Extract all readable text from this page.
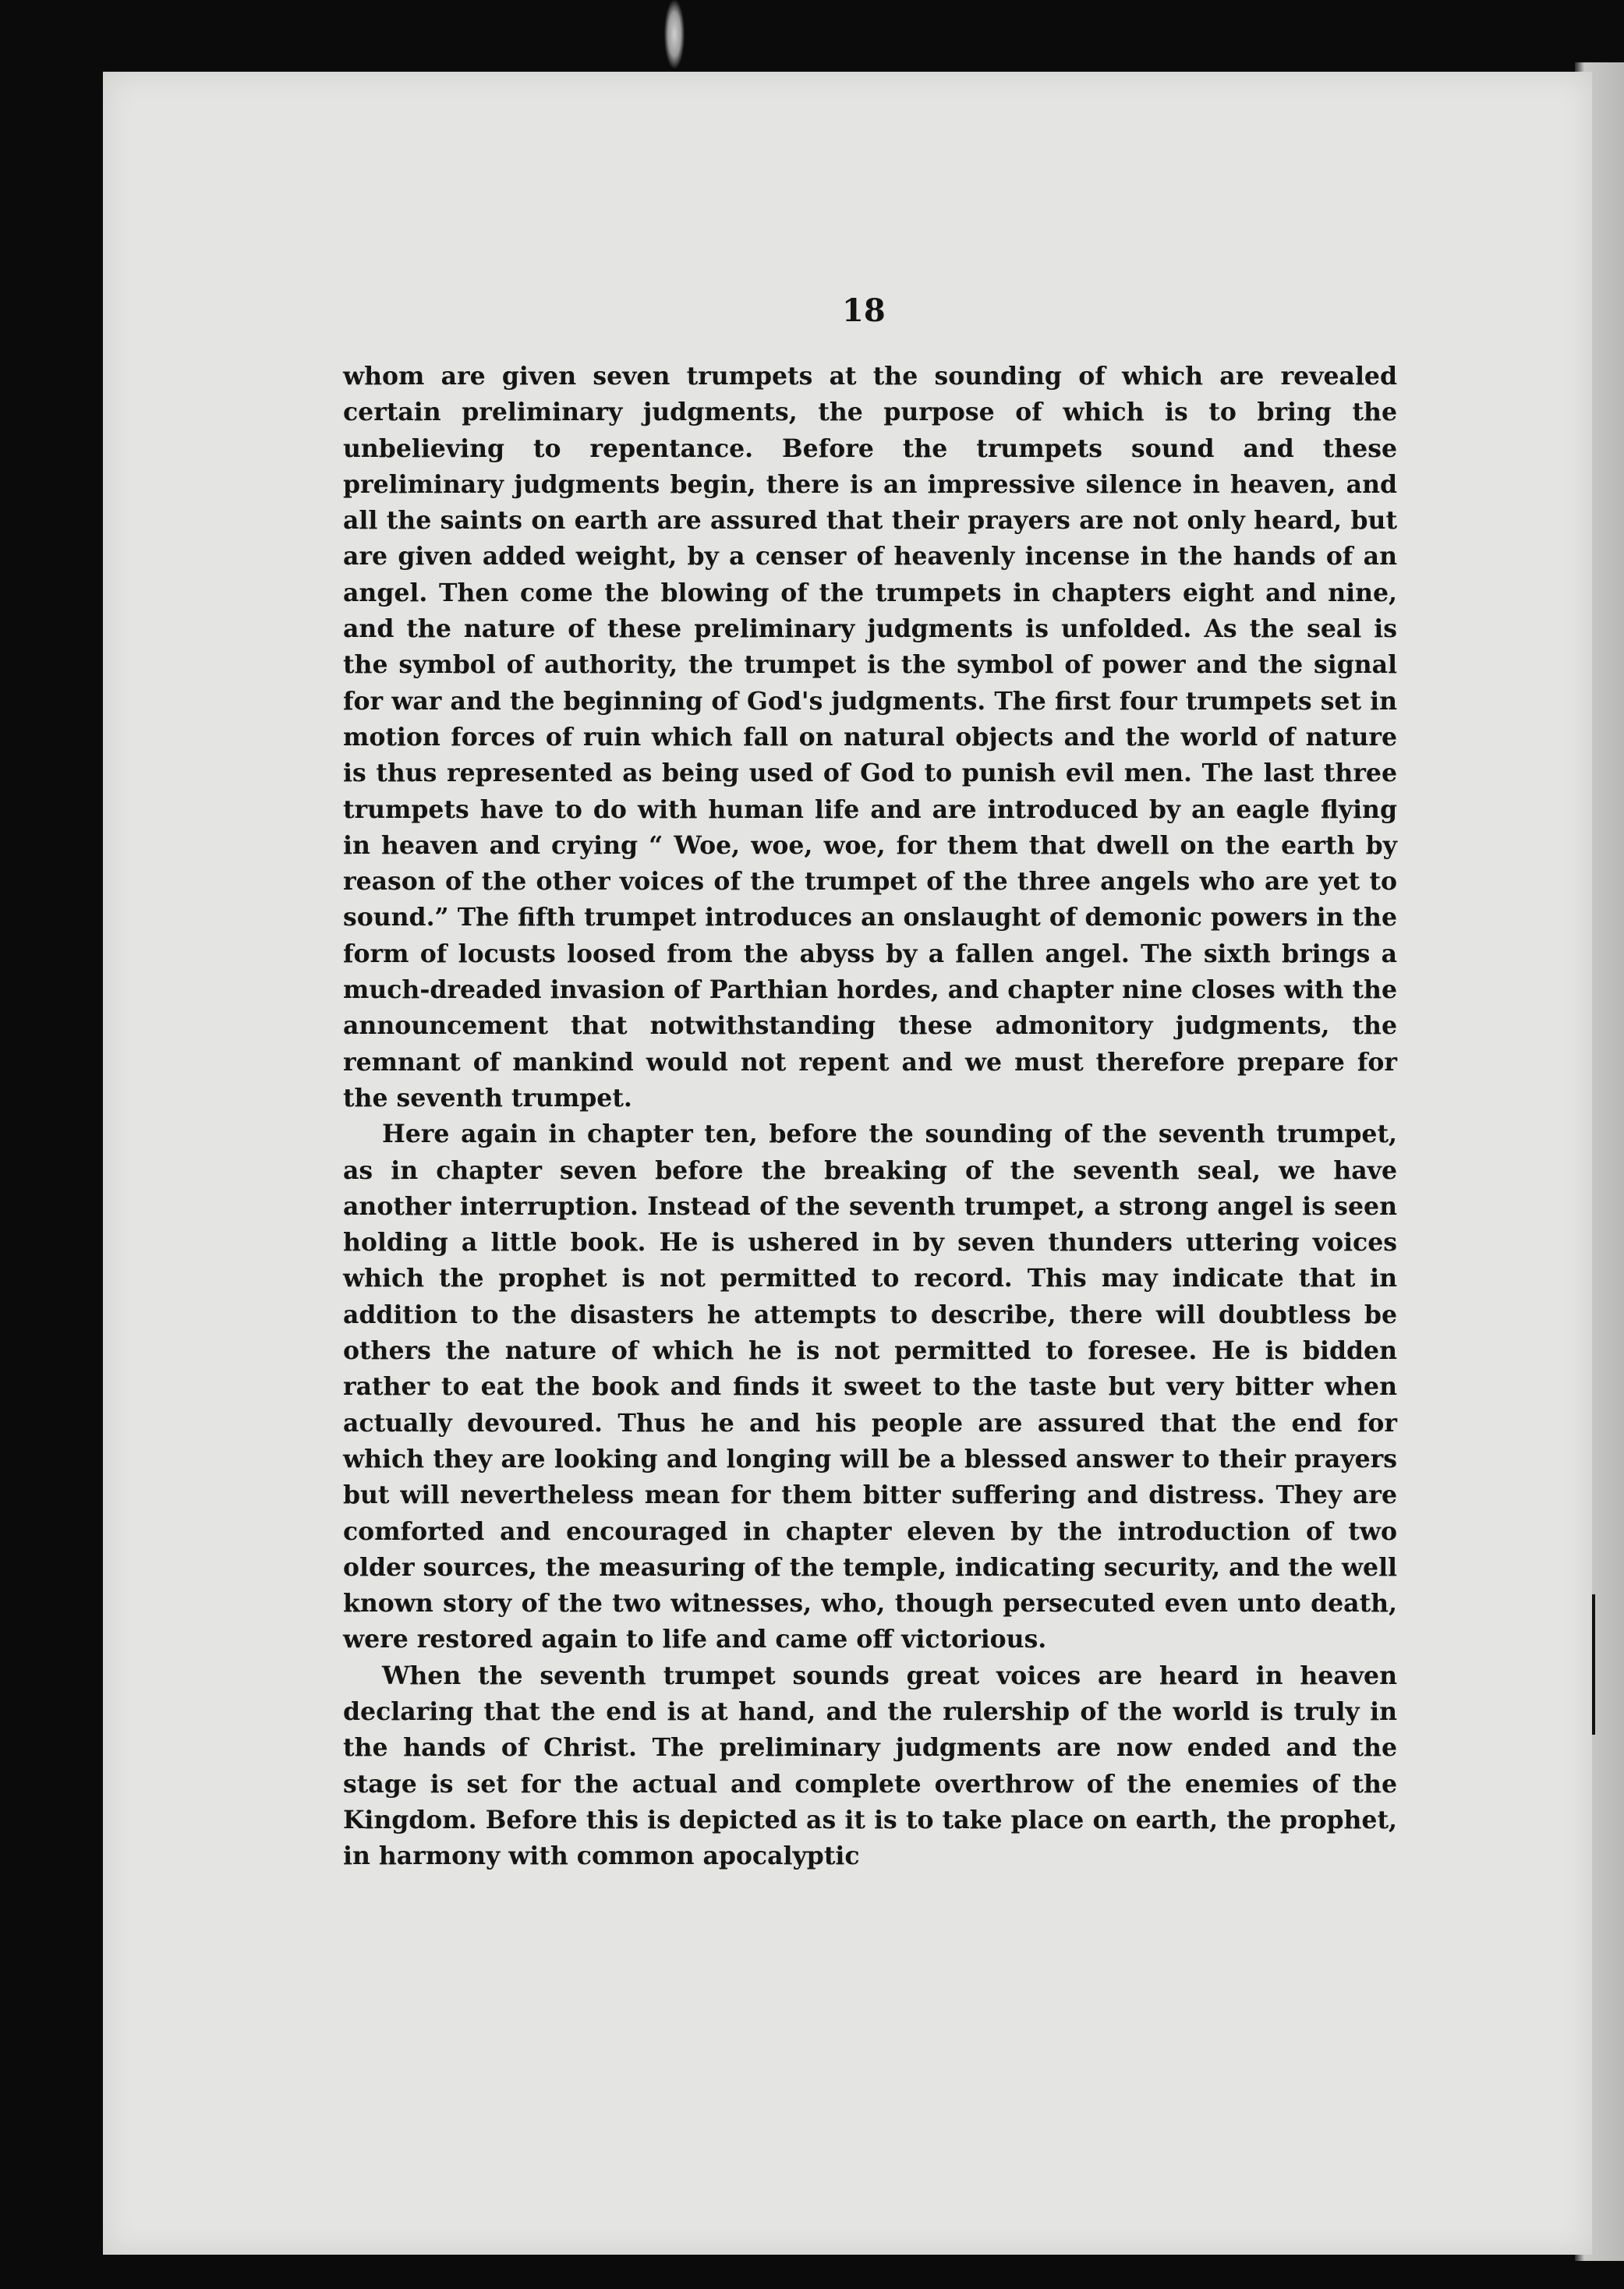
18

whom are given seven trumpets at the sounding of which are revealed certain preliminary judgments, the purpose of which is to bring the unbelieving to repentance. Before the trumpets sound and these preliminary judgments begin, there is an impressive silence in heaven, and all the saints on earth are assured that their prayers are not only heard, but are given added weight, by a censer of heavenly incense in the hands of an angel. Then come the blowing of the trumpets in chapters eight and nine, and the nature of these preliminary judgments is unfolded. As the seal is the symbol of authority, the trumpet is the symbol of power and the signal for war and the beginning of God's judgments. The first four trumpets set in motion forces of ruin which fall on natural objects and the world of nature is thus represented as being used of God to punish evil men. The last three trumpets have to do with human life and are introduced by an eagle flying in heaven and crying “ Woe, woe, woe, for them that dwell on the earth by reason of the other voices of the trumpet of the three angels who are yet to sound.” The fifth trumpet introduces an onslaught of demonic powers in the form of locusts loosed from the abyss by a fallen angel. The sixth brings a much-dreaded invasion of Parthian hordes, and chapter nine closes with the announcement that notwithstanding these admonitory judgments, the remnant of mankind would not repent and we must therefore prepare for the seventh trumpet.

Here again in chapter ten, before the sounding of the seventh trumpet, as in chapter seven before the breaking of the seventh seal, we have another interruption. Instead of the seventh trumpet, a strong angel is seen holding a little book. He is ushered in by seven thunders uttering voices which the prophet is not permitted to record. This may indicate that in addition to the disasters he attempts to describe, there will doubtless be others the nature of which he is not permitted to foresee. He is bidden rather to eat the book and finds it sweet to the taste but very bitter when actually devoured. Thus he and his people are assured that the end for which they are looking and longing will be a blessed answer to their prayers but will nevertheless mean for them bitter suffering and distress. They are comforted and encouraged in chapter eleven by the introduction of two older sources, the measuring of the temple, indicating security, and the well known story of the two witnesses, who, though persecuted even unto death, were restored again to life and came off victorious.

When the seventh trumpet sounds great voices are heard in heaven declaring that the end is at hand, and the rulership of the world is truly in the hands of Christ. The preliminary judgments are now ended and the stage is set for the actual and complete overthrow of the enemies of the Kingdom. Before this is depicted as it is to take place on earth, the prophet, in harmony with common apocalyptic
